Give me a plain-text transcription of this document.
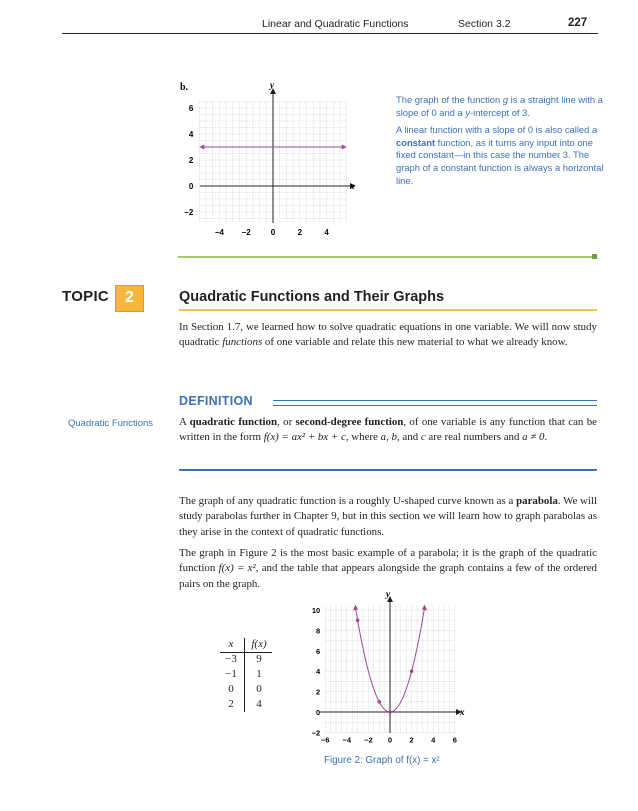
Linear and Quadratic Functions	Section 3.2	227
b.	y
x
6
4
2
0
−2
−4 −2	0	2	4

The graph of the function g is a straight line with a slope of 0 and a y-intercept of 3.

A linear function with a slope of 0 is also called a constant function, as it turns any input into one fixed constant—in this case the number 3. The graph of a constant function is always a horizontal line.

TOPIC 2	Quadratic Functions and Their Graphs
In Section 1.7, we learned how to solve quadratic equations in one variable. We will now study quadratic functions of one variable and relate this new material to what we already know.
DEFINITION
Quadratic Functions A quadratic function, or second-degree function, of one variable is any function that can be written in the form f(x) = ax² + bx + c, where a, b, and c are real numbers and a ≠ 0.
The graph of any quadratic function is a roughly U-shaped curve known as a parabola. We will study parabolas further in Chapter 9, but in this section we will learn how to graph parabolas as they arise in the context of quadratic functions.
The graph in Figure 2 is the most basic example of a parabola; it is the graph of the quadratic function f(x) = x², and the table that appears alongside the graph contains a few of the ordered pairs on the graph.
x	f(x)
−3	9
−1	1
0	0
2	4
y
x
10
8
6
4
2
0
−2
−6 −4 −2 0 2 4 6
Figure 2: Graph of f(x) = x²
